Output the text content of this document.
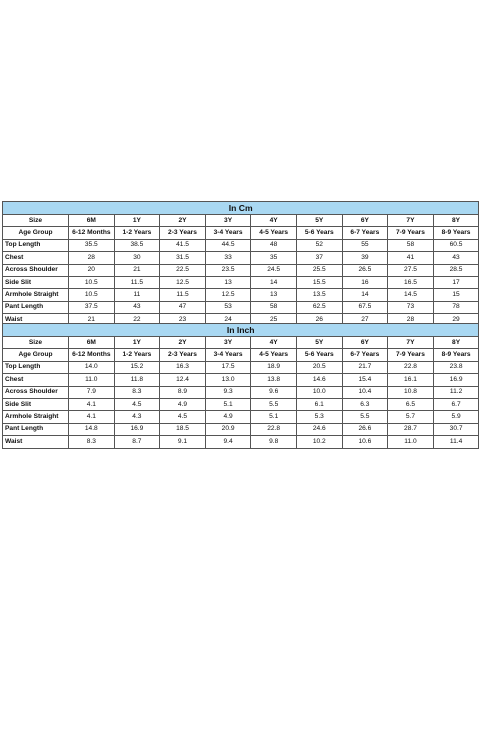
In Cm									
Size	6M	1Y	2Y	3Y	4Y	5Y	6Y	7Y	8Y
Age Group	6-12 Months	1-2 Years	2-3 Years	3-4 Years	4-5 Years	5-6 Years	6-7 Years	7-9 Years	8-9 Years
Top Length	35.5	38.5	41.5	44.5	48	52	55	58	60.5
Chest	28	30	31.5	33	35	37	39	41	43
Across Shoulder	20	21	22.5	23.5	24.5	25.5	26.5	27.5	28.5
Side Slit	10.5	11.5	12.5	13	14	15.5	16	16.5	17
Armhole Straight	10.5	11	11.5	12.5	13	13.5	14	14.5	15
Pant Length	37.5	43	47	53	58	62.5	67.5	73	78
Waist	21	22	23	24	25	26	27	28	29
In Inch									
Size	6M	1Y	2Y	3Y	4Y	5Y	6Y	7Y	8Y
Age Group	6-12 Months	1-2 Years	2-3 Years	3-4 Years	4-5 Years	5-6 Years	6-7 Years	7-9 Years	8-9 Years
Top Length	14.0	15.2	16.3	17.5	18.9	20.5	21.7	22.8	23.8
Chest	11.0	11.8	12.4	13.0	13.8	14.6	15.4	16.1	16.9
Across Shoulder	7.9	8.3	8.9	9.3	9.6	10.0	10.4	10.8	11.2
Side Slit	4.1	4.5	4.9	5.1	5.5	6.1	6.3	6.5	6.7
Armhole Straight	4.1	4.3	4.5	4.9	5.1	5.3	5.5	5.7	5.9
Pant Length	14.8	16.9	18.5	20.9	22.8	24.6	26.6	28.7	30.7
Waist	8.3	8.7	9.1	9.4	9.8	10.2	10.6	11.0	11.4
